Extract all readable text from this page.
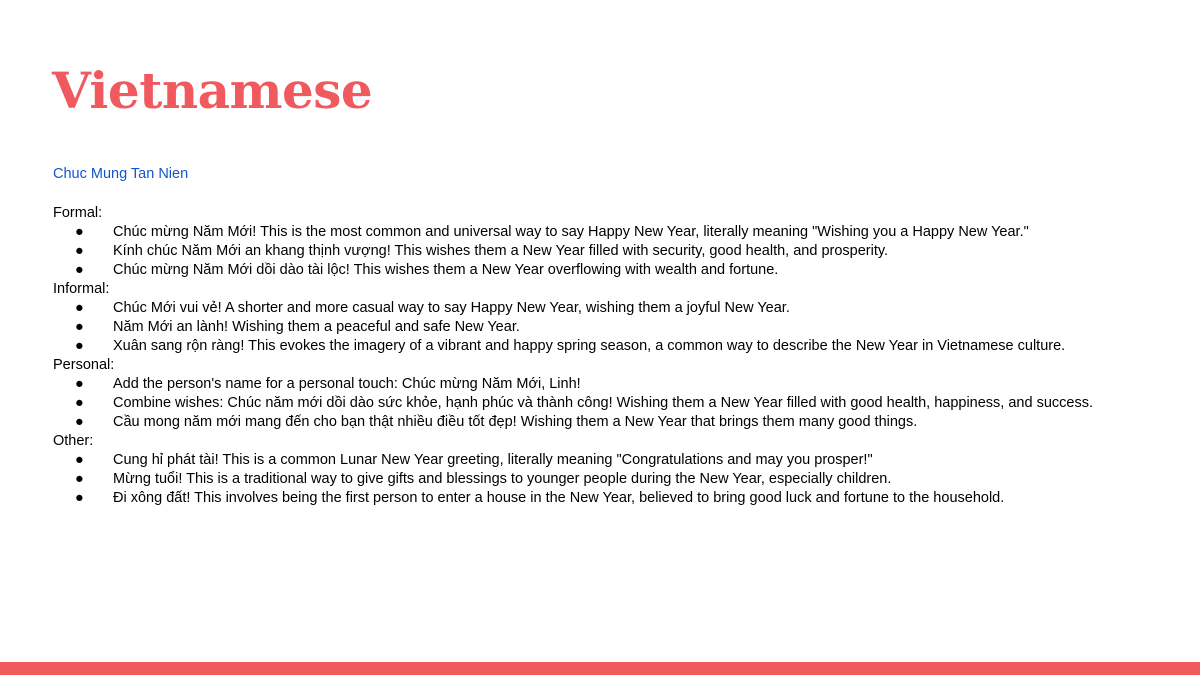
Vietnamese
Chuc Mung Tan Nien

Formal:

● Chúc mừng Năm Mới! This is the most common and universal way to say Happy New Year, literally meaning "Wishing you a Happy New Year."
● Kính chúc Năm Mới an khang thịnh vượng! This wishes them a New Year filled with security, good health, and prosperity.
● Chúc mừng Năm Mới dồi dào tài lộc! This wishes them a New Year overflowing with wealth and fortune.

Informal:

● Chúc Mới vui vẻ! A shorter and more casual way to say Happy New Year, wishing them a joyful New Year.
● Năm Mới an lành! Wishing them a peaceful and safe New Year.
● Xuân sang rộn ràng! This evokes the imagery of a vibrant and happy spring season, a common way to describe the New Year in Vietnamese culture.

Personal:

● Add the person's name for a personal touch: Chúc mừng Năm Mới, Linh!
● Combine wishes: Chúc năm mới dồi dào sức khỏe, hạnh phúc và thành công! Wishing them a New Year filled with good health, happiness, and success.
● Cầu mong năm mới mang đến cho bạn thật nhiều điều tốt đẹp! Wishing them a New Year that brings them many good things.

Other:

● Cung hỉ phát tài! This is a common Lunar New Year greeting, literally meaning "Congratulations and may you prosper!"
● Mừng tuổi! This is a traditional way to give gifts and blessings to younger people during the New Year, especially children.
● Đi xông đất! This involves being the first person to enter a house in the New Year, believed to bring good luck and fortune to the household.
